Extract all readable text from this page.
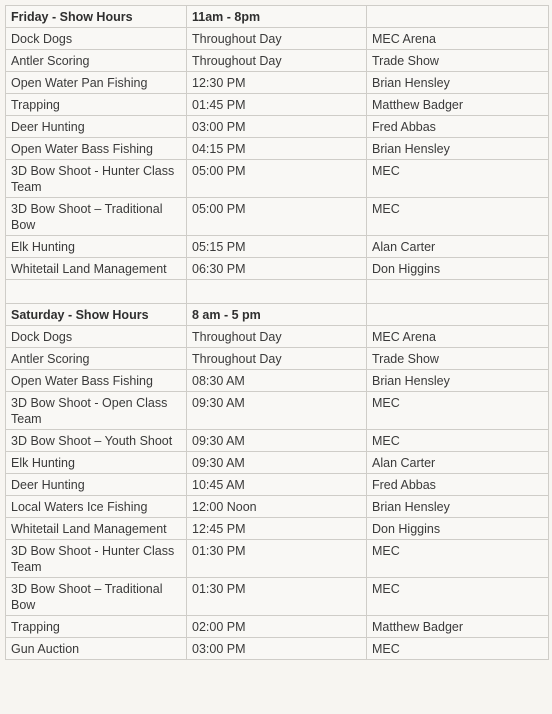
Friday - Show Hours	11am - 8pm	
Dock Dogs	Throughout Day	MEC Arena
Antler Scoring	Throughout Day	Trade Show
Open Water Pan Fishing	12:30 PM	Brian Hensley
Trapping	01:45 PM	Matthew Badger
Deer Hunting	03:00 PM	Fred Abbas
Open Water Bass Fishing	04:15 PM	Brian Hensley
3D Bow Shoot - Hunter Class Team	05:00 PM	MEC
3D Bow Shoot – Traditional Bow	05:00 PM	MEC
Elk Hunting	05:15 PM	Alan Carter
Whitetail Land Management	06:30 PM	Don Higgins

Saturday - Show Hours	8 am - 5 pm	
Dock Dogs	Throughout Day	MEC Arena
Antler Scoring	Throughout Day	Trade Show
Open Water Bass Fishing	08:30 AM	Brian Hensley
3D Bow Shoot - Open Class Team	09:30 AM	MEC
3D Bow Shoot – Youth Shoot	09:30 AM	MEC
Elk Hunting	09:30 AM	Alan Carter
Deer Hunting	10:45 AM	Fred Abbas
Local Waters Ice Fishing	12:00 Noon	Brian Hensley
Whitetail Land Management	12:45 PM	Don Higgins
3D Bow Shoot - Hunter Class Team	01:30 PM	MEC
3D Bow Shoot – Traditional Bow	01:30 PM	MEC
Trapping	02:00 PM	Matthew Badger
Gun Auction	03:00 PM	MEC
